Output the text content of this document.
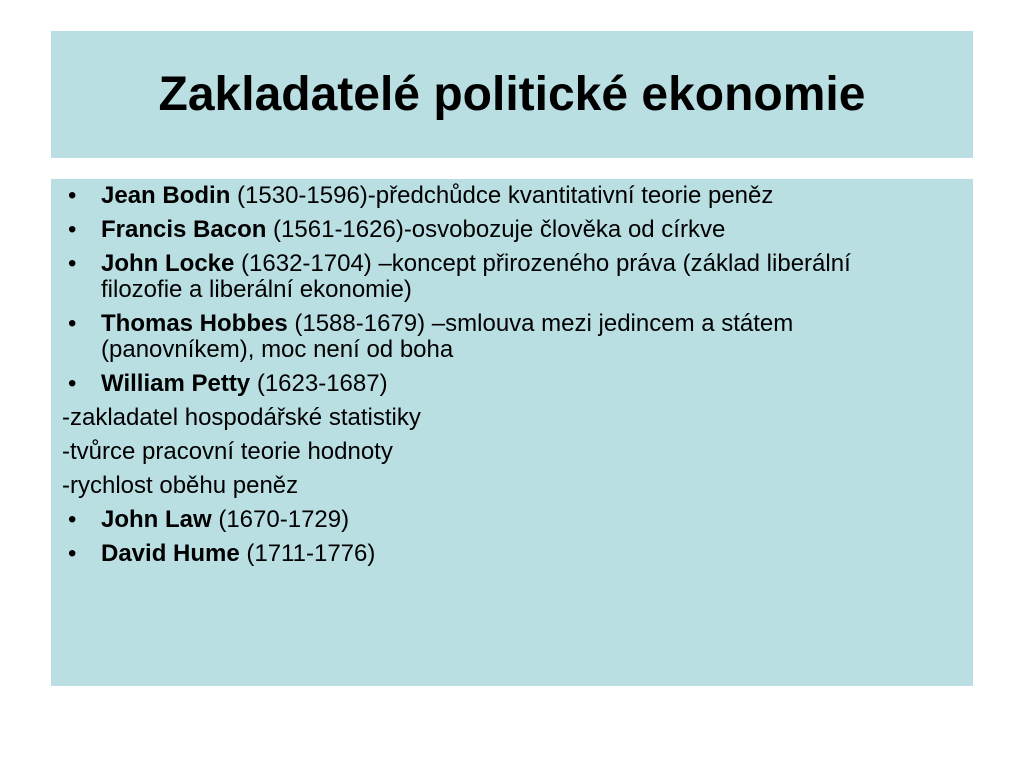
Zakladatelé politické ekonomie
• Jean Bodin (1530-1596)-předchůdce kvantitativní teorie peněz
• Francis Bacon (1561-1626)-osvobozuje člověka od církve
• John Locke (1632-1704) –koncept přirozeného práva (základ liberální filozofie a liberální ekonomie)
• Thomas Hobbes (1588-1679) –smlouva mezi jedincem a státem (panovníkem), moc není od boha
• William Petty (1623-1687)
-zakladatel hospodářské statistiky
-tvůrce pracovní teorie hodnoty
-rychlost oběhu peněz
• John Law (1670-1729)
• David Hume (1711-1776)
